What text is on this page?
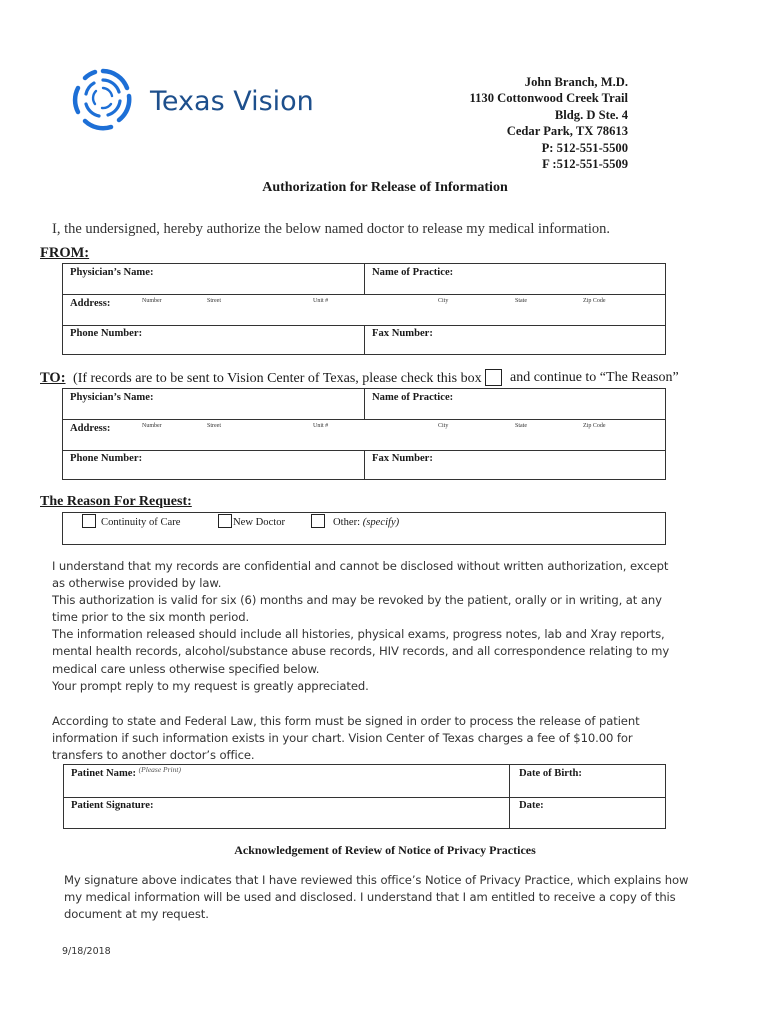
Texas Vision
John Branch, M.D.
1130 Cottonwood Creek Trail
Bldg. D Ste. 4
Cedar Park, TX 78613
P: 512-551-5500
F :512-551-5509
Authorization for Release of Information
I, the undersigned, hereby authorize the below named doctor to release my medical information.
FROM:
Physician’s Name:	Name of Practice:
Address:	Number	Street	Unit #	City	State	Zip Code
Phone Number:	Fax Number:
TO: (If records are to be sent to Vision Center of Texas, please check this box and continue to “The Reason”
Physician’s Name:	Name of Practice:
Address:	Number	Street	Unit #	City	State	Zip Code
Phone Number:	Fax Number:
The Reason For Request:
Continuity of Care	New Doctor	Other: (specify)

I understand that my records are confidential and cannot be disclosed without written authorization, except as otherwise provided by law.

This authorization is valid for six (6) months and may be revoked by the patient, orally or in writing, at any time prior to the six month period.

The information released should include all histories, physical exams, progress notes, lab and Xray reports, mental health records, alcohol/substance abuse records, HIV records, and all correspondence relating to my medical care unless otherwise specified below.

Your prompt reply to my request is greatly appreciated.

According to state and Federal Law, this form must be signed in order to process the release of patient information if such information exists in your chart. Vision Center of Texas charges a fee of $10.00 for transfers to another doctor’s office.
Patinet Name: $^{(Please Print)}$	Date of Birth:
Patient Signature:	Date:
Acknowledgement of Review of Notice of Privacy Practices
My signature above indicates that I have reviewed this office’s Notice of Privacy Practice, which explains how my medical information will be used and disclosed. I understand that I am entitled to receive a copy of this document at my request.
9/18/2018
